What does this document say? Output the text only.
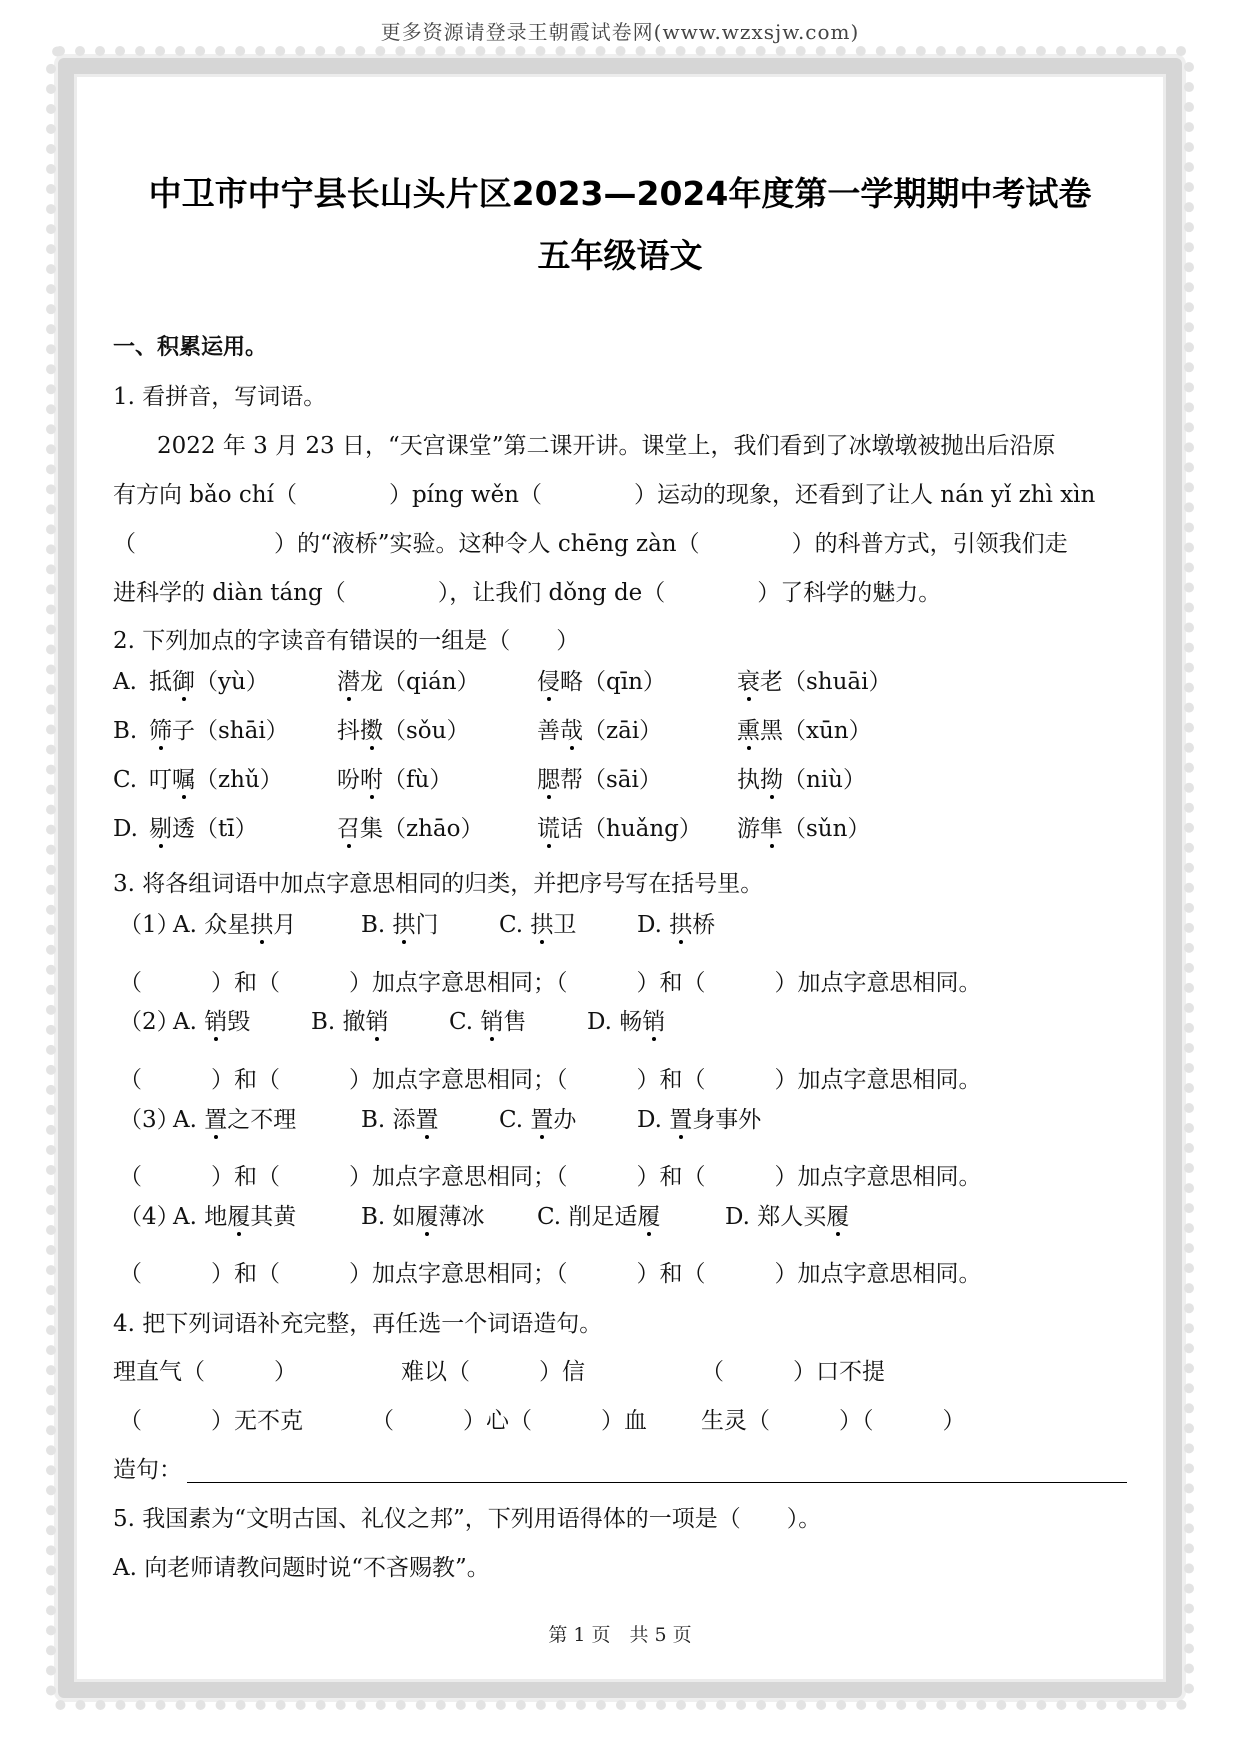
更多资源请登录王朝霞试卷网(www.wzxsjw.com)
中卫市中宁县长山头片区2023—2024年度第一学期期中考试卷
五年级语文
一、积累运用。
1. 看拼音，写词语。
2022 年 3 月 23 日，“天宫课堂”第二课开讲。课堂上，我们看到了冰墩墩被抛出后沿原
有方向 bǎo chí（　　　　）píng wěn（　　　　）运动的现象，还看到了让人 nán yǐ zhì xìn
（　　　　　　）的“液桥”实验。这种令人 chēng zàn（　　　　）的科普方式，引领我们走
进科学的 diàn táng（　　　　），让我们 dǒng de（　　　　）了科学的魅力。
2. 下列加点的字读音有错误的一组是（　　）
A. 抵御（yù）	潜龙（qián） 侵略（qīn）	衰老（shuāi）
B. 筛子（shāi） 抖擞（sǒu）	善哉（zāi）	熏黑（xūn）
C. 叮嘱（zhǔ） 吩咐（fù）	腮帮（sāi）	执拗（niù）
D. 剔透（tī）	召集（zhāo） 谎话（huǎng） 游隼（sǔn）
3. 将各组词语中加点字意思相同的归类，并把序号写在括号里。
（1）
A. 众星拱月	B. 拱门	C. 拱卫	D. 拱桥
（　　　）和（　　　）加点字意思相同；（　　　）和（　　　）加点字意思相同。
（2）
A. 销毁	B. 撤销	C. 销售	D. 畅销
（　　　）和（　　　）加点字意思相同；（　　　）和（　　　）加点字意思相同。
（3）
A. 置之不理	B. 添置	C. 置办	D. 置身事外
（　　　）和（　　　）加点字意思相同；（　　　）和（　　　）加点字意思相同。
（4）
A. 地履其黄	B. 如履薄冰 C. 削足适履	D. 郑人买履
（　　　）和（　　　）加点字意思相同；（　　　）和（　　　）加点字意思相同。
4. 把下列词语补充完整，再任选一个词语造句。
理直气（　　　）	难以（　　　）信	（　　　）口不提
（　　　）无不克	（　　　）心（　　　）血 生灵（　　　）（　　　）
造句：
5. 我国素为“文明古国、礼仪之邦”，下列用语得体的一项是（　　）。
A. 向老师请教问题时说“不吝赐教”。
第 1 页　共 5 页
